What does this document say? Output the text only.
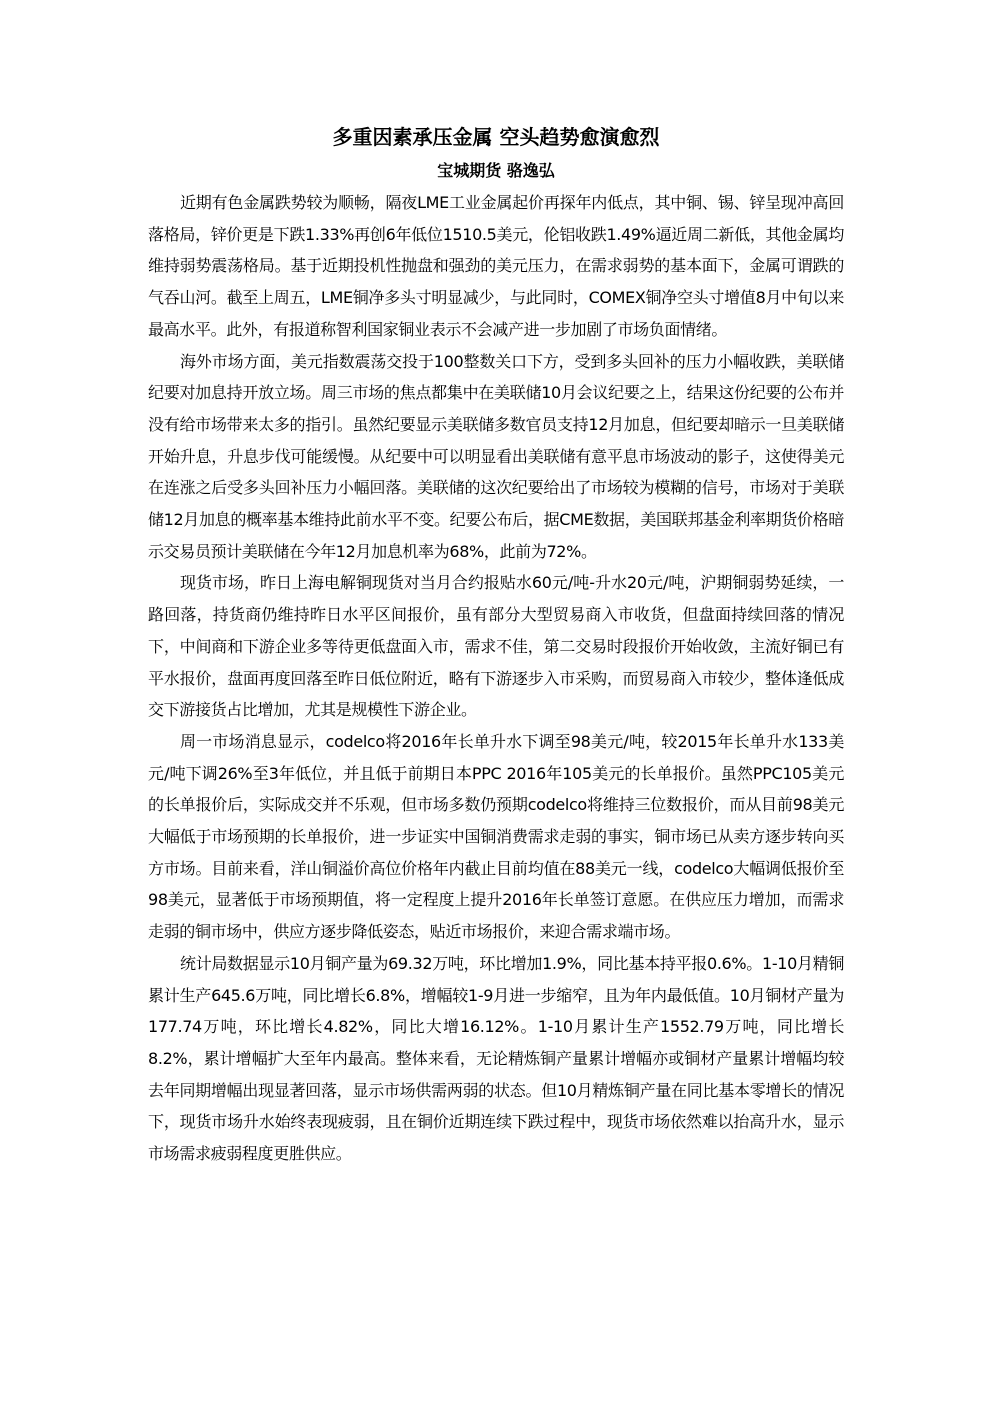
多重因素承压金属 空头趋势愈演愈烈
宝城期货 骆逸弘

近期有色金属跌势较为顺畅，隔夜LME工业金属起价再探年内低点，其中铜、锡、锌呈现冲高回落格局，锌价更是下跌1.33%再创6年低位1510.5美元，伦铝收跌1.49%逼近周二新低，其他金属均维持弱势震荡格局。基于近期投机性抛盘和强劲的美元压力，在需求弱势的基本面下，金属可谓跌的气吞山河。截至上周五，LME铜净多头寸明显减少，与此同时，COMEX铜净空头寸增值8月中旬以来最高水平。此外，有报道称智利国家铜业表示不会减产进一步加剧了市场负面情绪。

海外市场方面，美元指数震荡交投于100整数关口下方，受到多头回补的压力小幅收跌，美联储纪要对加息持开放立场。周三市场的焦点都集中在美联储10月会议纪要之上，结果这份纪要的公布并没有给市场带来太多的指引。虽然纪要显示美联储多数官员支持12月加息，但纪要却暗示一旦美联储开始升息，升息步伐可能缓慢。从纪要中可以明显看出美联储有意平息市场波动的影子，这使得美元在连涨之后受多头回补压力小幅回落。美联储的这次纪要给出了市场较为模糊的信号，市场对于美联储12月加息的概率基本维持此前水平不变。纪要公布后，据CME数据，美国联邦基金利率期货价格暗示交易员预计美联储在今年12月加息机率为68%，此前为72%。

现货市场，昨日上海电解铜现货对当月合约报贴水60元/吨-升水20元/吨，沪期铜弱势延续，一路回落，持货商仍维持昨日水平区间报价，虽有部分大型贸易商入市收货，但盘面持续回落的情况下，中间商和下游企业多等待更低盘面入市，需求不佳，第二交易时段报价开始收敛，主流好铜已有平水报价，盘面再度回落至昨日低位附近，略有下游逐步入市采购，而贸易商入市较少，整体逢低成交下游接货占比增加，尤其是规模性下游企业。

周一市场消息显示，codelco将2016年长单升水下调至98美元/吨，较2015年长单升水133美元/吨下调26%至3年低位，并且低于前期日本PPC 2016年105美元的长单报价。虽然PPC105美元的长单报价后，实际成交并不乐观，但市场多数仍预期codelco将维持三位数报价，而从目前98美元大幅低于市场预期的长单报价，进一步证实中国铜消费需求走弱的事实，铜市场已从卖方逐步转向买方市场。目前来看，洋山铜溢价高位价格年内截止目前均值在88美元一线，codelco大幅调低报价至98美元，显著低于市场预期值，将一定程度上提升2016年长单签订意愿。在供应压力增加，而需求走弱的铜市场中，供应方逐步降低姿态，贴近市场报价，来迎合需求端市场。

统计局数据显示10月铜产量为69.32万吨，环比增加1.9%，同比基本持平报0.6%。1-10月精铜累计生产645.6万吨，同比增长6.8%，增幅较1-9月进一步缩窄，且为年内最低值。10月铜材产量为177.74万吨，环比增长4.82%，同比大增16.12%。1-10月累计生产1552.79万吨，同比增长8.2%，累计增幅扩大至年内最高。整体来看，无论精炼铜产量累计增幅亦或铜材产量累计增幅均较去年同期增幅出现显著回落，显示市场供需两弱的状态。但10月精炼铜产量在同比基本零增长的情况下，现货市场升水始终表现疲弱，且在铜价近期连续下跌过程中，现货市场依然难以抬高升水，显示市场需求疲弱程度更胜供应。
